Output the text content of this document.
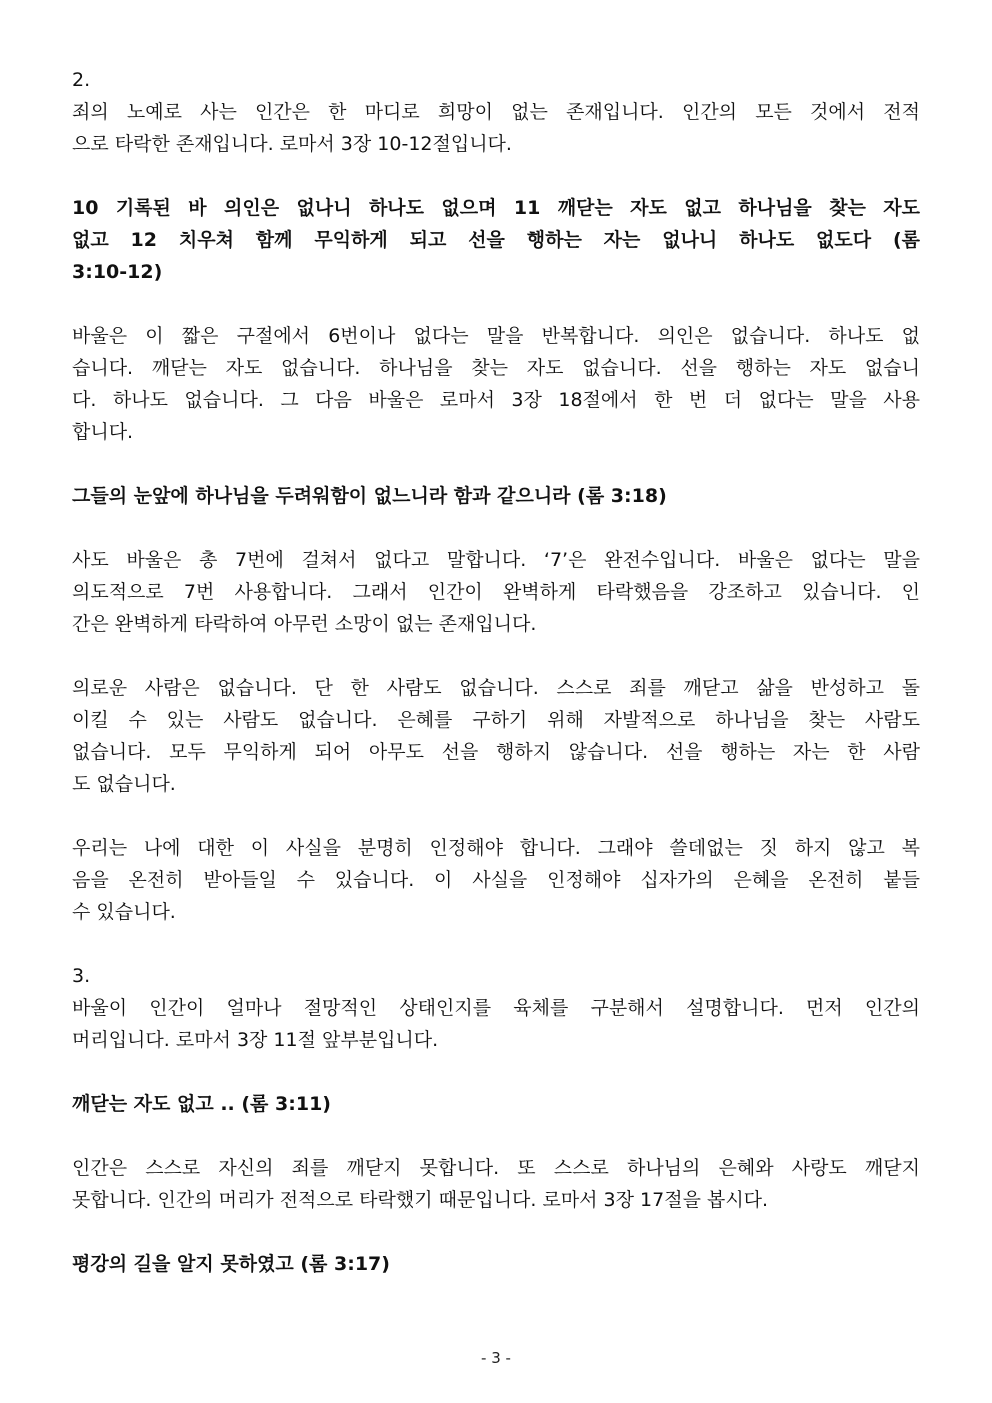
2.

죄의 노예로 사는 인간은 한 마디로 희망이 없는 존재입니다. 인간의 모든 것에서 전적

으로 타락한 존재입니다. 로마서 3장 10-12절입니다.

10 기록된 바 의인은 없나니 하나도 없으며 11 깨닫는 자도 없고 하나님을 찾는 자도

없고 12 치우쳐 함께 무익하게 되고 선을 행하는 자는 없나니 하나도 없도다 (롬

3:10-12)

바울은 이 짧은 구절에서 6번이나 없다는 말을 반복합니다. 의인은 없습니다. 하나도 없

습니다. 깨닫는 자도 없습니다. 하나님을 찾는 자도 없습니다. 선을 행하는 자도 없습니

다. 하나도 없습니다. 그 다음 바울은 로마서 3장 18절에서 한 번 더 없다는 말을 사용

합니다.

그들의 눈앞에 하나님을 두려워함이 없느니라 함과 같으니라 (롬 3:18)

사도 바울은 총 7번에 걸쳐서 없다고 말합니다. ‘7’은 완전수입니다. 바울은 없다는 말을

의도적으로 7번 사용합니다. 그래서 인간이 완벽하게 타락했음을 강조하고 있습니다. 인

간은 완벽하게 타락하여 아무런 소망이 없는 존재입니다.

의로운 사람은 없습니다. 단 한 사람도 없습니다. 스스로 죄를 깨닫고 삶을 반성하고 돌

이킬 수 있는 사람도 없습니다. 은혜를 구하기 위해 자발적으로 하나님을 찾는 사람도

없습니다. 모두 무익하게 되어 아무도 선을 행하지 않습니다. 선을 행하는 자는 한 사람

도 없습니다.

우리는 나에 대한 이 사실을 분명히 인정해야 합니다. 그래야 쓸데없는 짓 하지 않고 복

음을 온전히 받아들일 수 있습니다. 이 사실을 인정해야 십자가의 은혜을 온전히 붙들

수 있습니다.

3.

바울이 인간이 얼마나 절망적인 상태인지를 육체를 구분해서 설명합니다. 먼저 인간의

머리입니다. 로마서 3장 11절 앞부분입니다.

깨닫는 자도 없고 .. (롬 3:11)

인간은 스스로 자신의 죄를 깨닫지 못합니다. 또 스스로 하나님의 은혜와 사랑도 깨닫지

못합니다. 인간의 머리가 전적으로 타락했기 때문입니다. 로마서 3장 17절을 봅시다.

평강의 길을 알지 못하였고 (롬 3:17)

- 3 -
